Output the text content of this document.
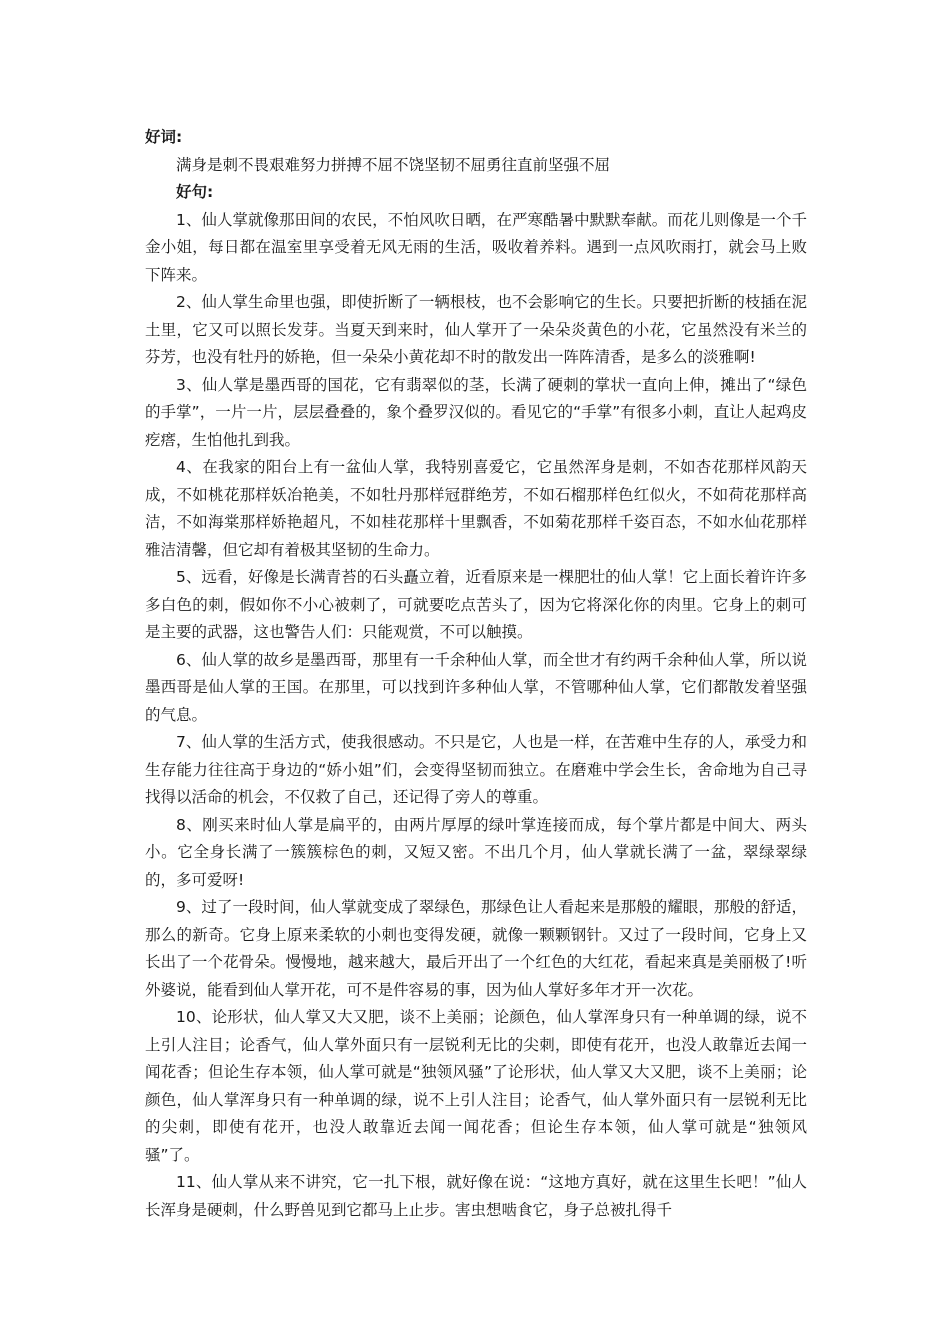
好词:

满身是刺不畏艰难努力拼搏不屈不饶坚韧不屈勇往直前坚强不屈

好句:

1、仙人掌就像那田间的农民，不怕风吹日晒，在严寒酷暑中默默奉献。而花儿则像是一个千金小姐，每日都在温室里享受着无风无雨的生活，吸收着养料。遇到一点风吹雨打，就会马上败下阵来。

2、仙人掌生命里也强，即使折断了一辆根枝，也不会影响它的生长。只要把折断的枝插在泥土里，它又可以照长发芽。当夏天到来时，仙人掌开了一朵朵炎黄色的小花，它虽然没有米兰的芬芳，也没有牡丹的娇艳，但一朵朵小黄花却不时的散发出一阵阵清香，是多么的淡雅啊!

3、仙人掌是墨西哥的国花，它有翡翠似的茎，长满了硬刺的掌状一直向上伸，摊出了“绿色的手掌”，一片一片，层层叠叠的，象个叠罗汉似的。看见它的“手掌”有很多小刺，直让人起鸡皮疙瘩，生怕他扎到我。

4、在我家的阳台上有一盆仙人掌，我特别喜爱它，它虽然浑身是刺，不如杏花那样风韵天成，不如桃花那样妖冶艳美，不如牡丹那样冠群绝芳，不如石榴那样色红似火，不如荷花那样高洁，不如海棠那样娇艳超凡，不如桂花那样十里飘香，不如菊花那样千姿百态，不如水仙花那样雅洁清馨，但它却有着极其坚韧的生命力。

5、远看，好像是长满青苔的石头矗立着，近看原来是一棵肥壮的仙人掌！它上面长着许许多多白色的刺，假如你不小心被刺了，可就要吃点苦头了，因为它将深化你的肉里。它身上的刺可是主要的武器，这也警告人们：只能观赏，不可以触摸。

6、仙人掌的故乡是墨西哥，那里有一千余种仙人掌，而全世才有约两千余种仙人掌，所以说墨西哥是仙人掌的王国。在那里，可以找到许多种仙人掌，不管哪种仙人掌，它们都散发着坚强的气息。

7、仙人掌的生活方式，使我很感动。不只是它，人也是一样，在苦难中生存的人，承受力和生存能力往往高于身边的“娇小姐”们，会变得坚韧而独立。在磨难中学会生长，舍命地为自己寻找得以活命的机会，不仅救了自己，还记得了旁人的尊重。

8、刚买来时仙人掌是扁平的，由两片厚厚的绿叶掌连接而成，每个掌片都是中间大、两头小。它全身长满了一簇簇棕色的刺，又短又密。不出几个月，仙人掌就长满了一盆，翠绿翠绿的，多可爱呀!

9、过了一段时间，仙人掌就变成了翠绿色，那绿色让人看起来是那般的耀眼，那般的舒适，那么的新奇。它身上原来柔软的小刺也变得发硬，就像一颗颗钢针。又过了一段时间，它身上又长出了一个花骨朵。慢慢地，越来越大，最后开出了一个红色的大红花，看起来真是美丽极了!听外婆说，能看到仙人掌开花，可不是件容易的事，因为仙人掌好多年才开一次花。

10、论形状，仙人掌又大又肥，谈不上美丽；论颜色，仙人掌浑身只有一种单调的绿，说不上引人注目；论香气，仙人掌外面只有一层锐利无比的尖刺，即使有花开，也没人敢靠近去闻一闻花香；但论生存本领，仙人掌可就是“独领风骚”了论形状，仙人掌又大又肥，谈不上美丽；论颜色，仙人掌浑身只有一种单调的绿，说不上引人注目；论香气，仙人掌外面只有一层锐利无比的尖刺，即使有花开，也没人敢靠近去闻一闻花香；但论生存本领，仙人掌可就是“独领风骚”了。

11、仙人掌从来不讲究，它一扎下根，就好像在说：“这地方真好，就在这里生长吧！”仙人长浑身是硬刺，什么野兽见到它都马上止步。害虫想啮食它，身子总被扎得千
